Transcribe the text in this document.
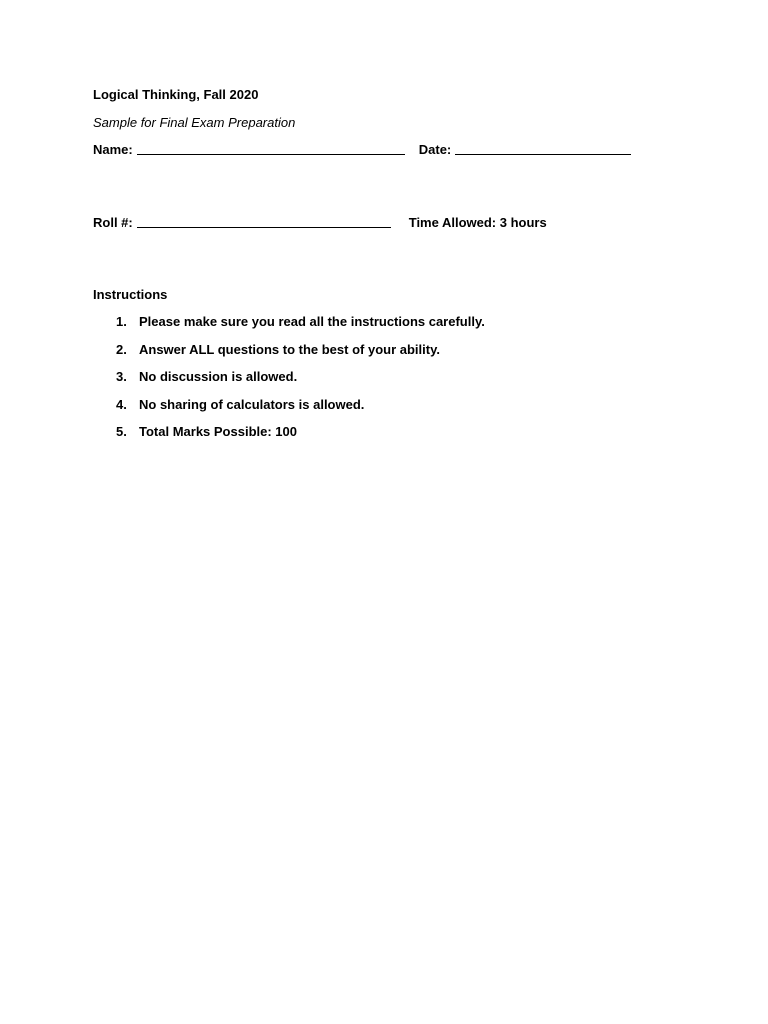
Logical Thinking, Fall 2020
Sample for Final Exam Preparation
Name:	Date:
Roll #:	Time Allowed: 3 hours
Instructions
1. Please make sure you read all the instructions carefully.
2. Answer ALL questions to the best of your ability.
3. No discussion is allowed.
4. No sharing of calculators is allowed.
5. Total Marks Possible: 100
